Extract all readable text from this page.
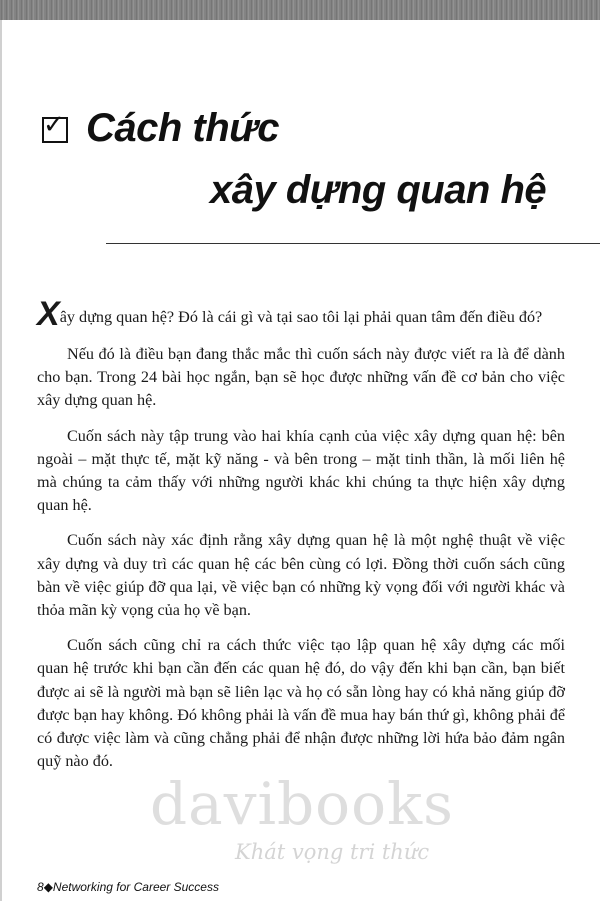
✓ Cách thức
xây dựng quan hệ

Xây dựng quan hệ? Đó là cái gì và tại sao tôi lại phải quan tâm đến điều đó?

Nếu đó là điều bạn đang thắc mắc thì cuốn sách này được viết ra là để dành cho bạn. Trong 24 bài học ngắn, bạn sẽ học được những vấn đề cơ bản cho việc xây dựng quan hệ.

Cuốn sách này tập trung vào hai khía cạnh của việc xây dựng quan hệ: bên ngoài – mặt thực tế, mặt kỹ năng - và bên trong – mặt tinh thần, là mối liên hệ mà chúng ta cảm thấy với những người khác khi chúng ta thực hiện xây dựng quan hệ.

Cuốn sách này xác định rằng xây dựng quan hệ là một nghệ thuật về việc xây dựng và duy trì các quan hệ các bên cùng có lợi. Đồng thời cuốn sách cũng bàn về việc giúp đỡ qua lại, về việc bạn có những kỳ vọng đối với người khác và thỏa mãn kỳ vọng của họ về bạn.

Cuốn sách cũng chỉ ra cách thức việc tạo lập quan hệ xây dựng các mối quan hệ trước khi bạn cần đến các quan hệ đó, do vậy đến khi bạn cần, bạn biết được ai sẽ là người mà bạn sẽ liên lạc và họ có sẵn lòng hay có khả năng giúp đỡ được bạn hay không. Đó không phải là vấn đề mua hay bán thứ gì, không phải để có được việc làm và cũng chẳng phải để nhận được những lời hứa bảo đảm ngân quỹ nào đó.

davibooks
Khát vọng tri thức
8◆Networking for Career Success
